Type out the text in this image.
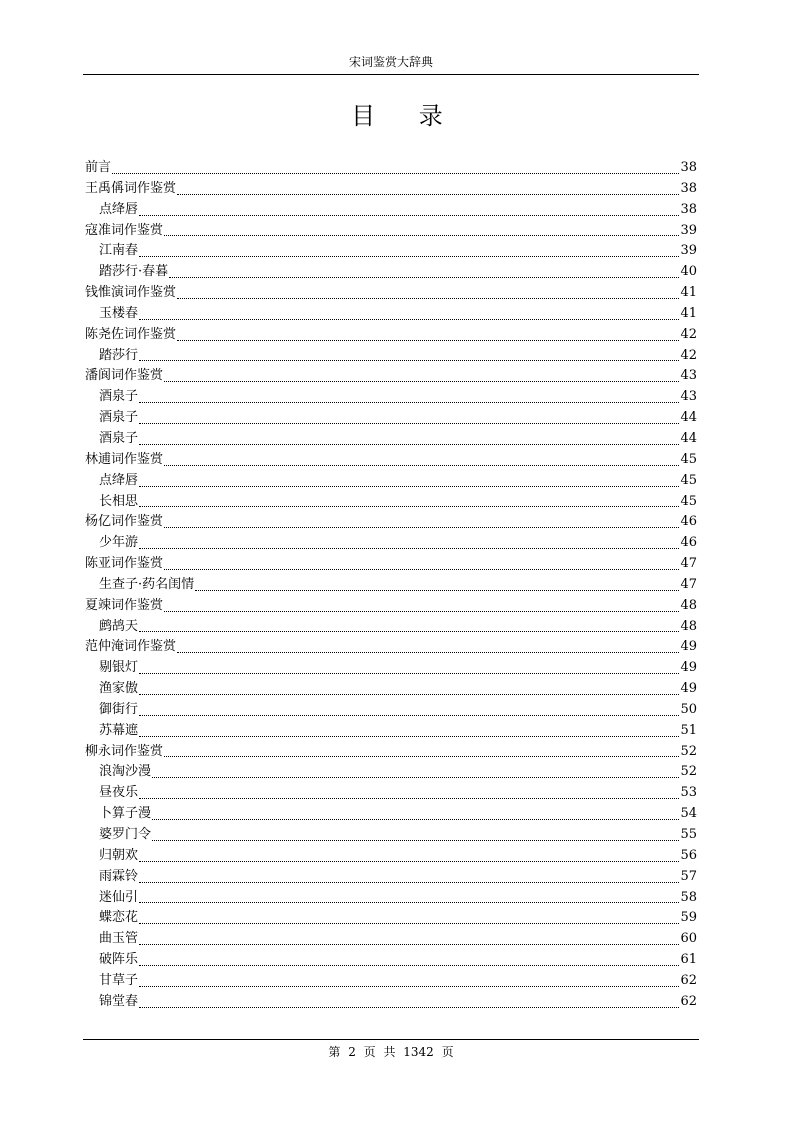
宋词鉴赏大辞典
目 录
前言	38
王禹偁词作鉴赏	38
点绛唇	38
寇准词作鉴赏	39
江南春	39
踏莎行·春暮	40
钱惟演词作鉴赏	41
玉楼春	41
陈尧佐词作鉴赏	42
踏莎行	42
潘阆词作鉴赏	43
酒泉子	43
酒泉子	44
酒泉子	44
林逋词作鉴赏	45
点绛唇	45
长相思	45
杨亿词作鉴赏	46
少年游	46
陈亚词作鉴赏	47
生查子·药名闺情	47
夏竦词作鉴赏	48
鹧鸪天	48
范仲淹词作鉴赏	49
剔银灯	49
渔家傲	49
御街行	50
苏幕遮	51
柳永词作鉴赏	52
浪淘沙漫	52
昼夜乐	53
卜算子漫	54
婆罗门令	55
归朝欢	56
雨霖铃	57
迷仙引	58
蝶恋花	59
曲玉管	60
破阵乐	61
甘草子	62
锦堂春	62
第 2 页 共 1342 页
